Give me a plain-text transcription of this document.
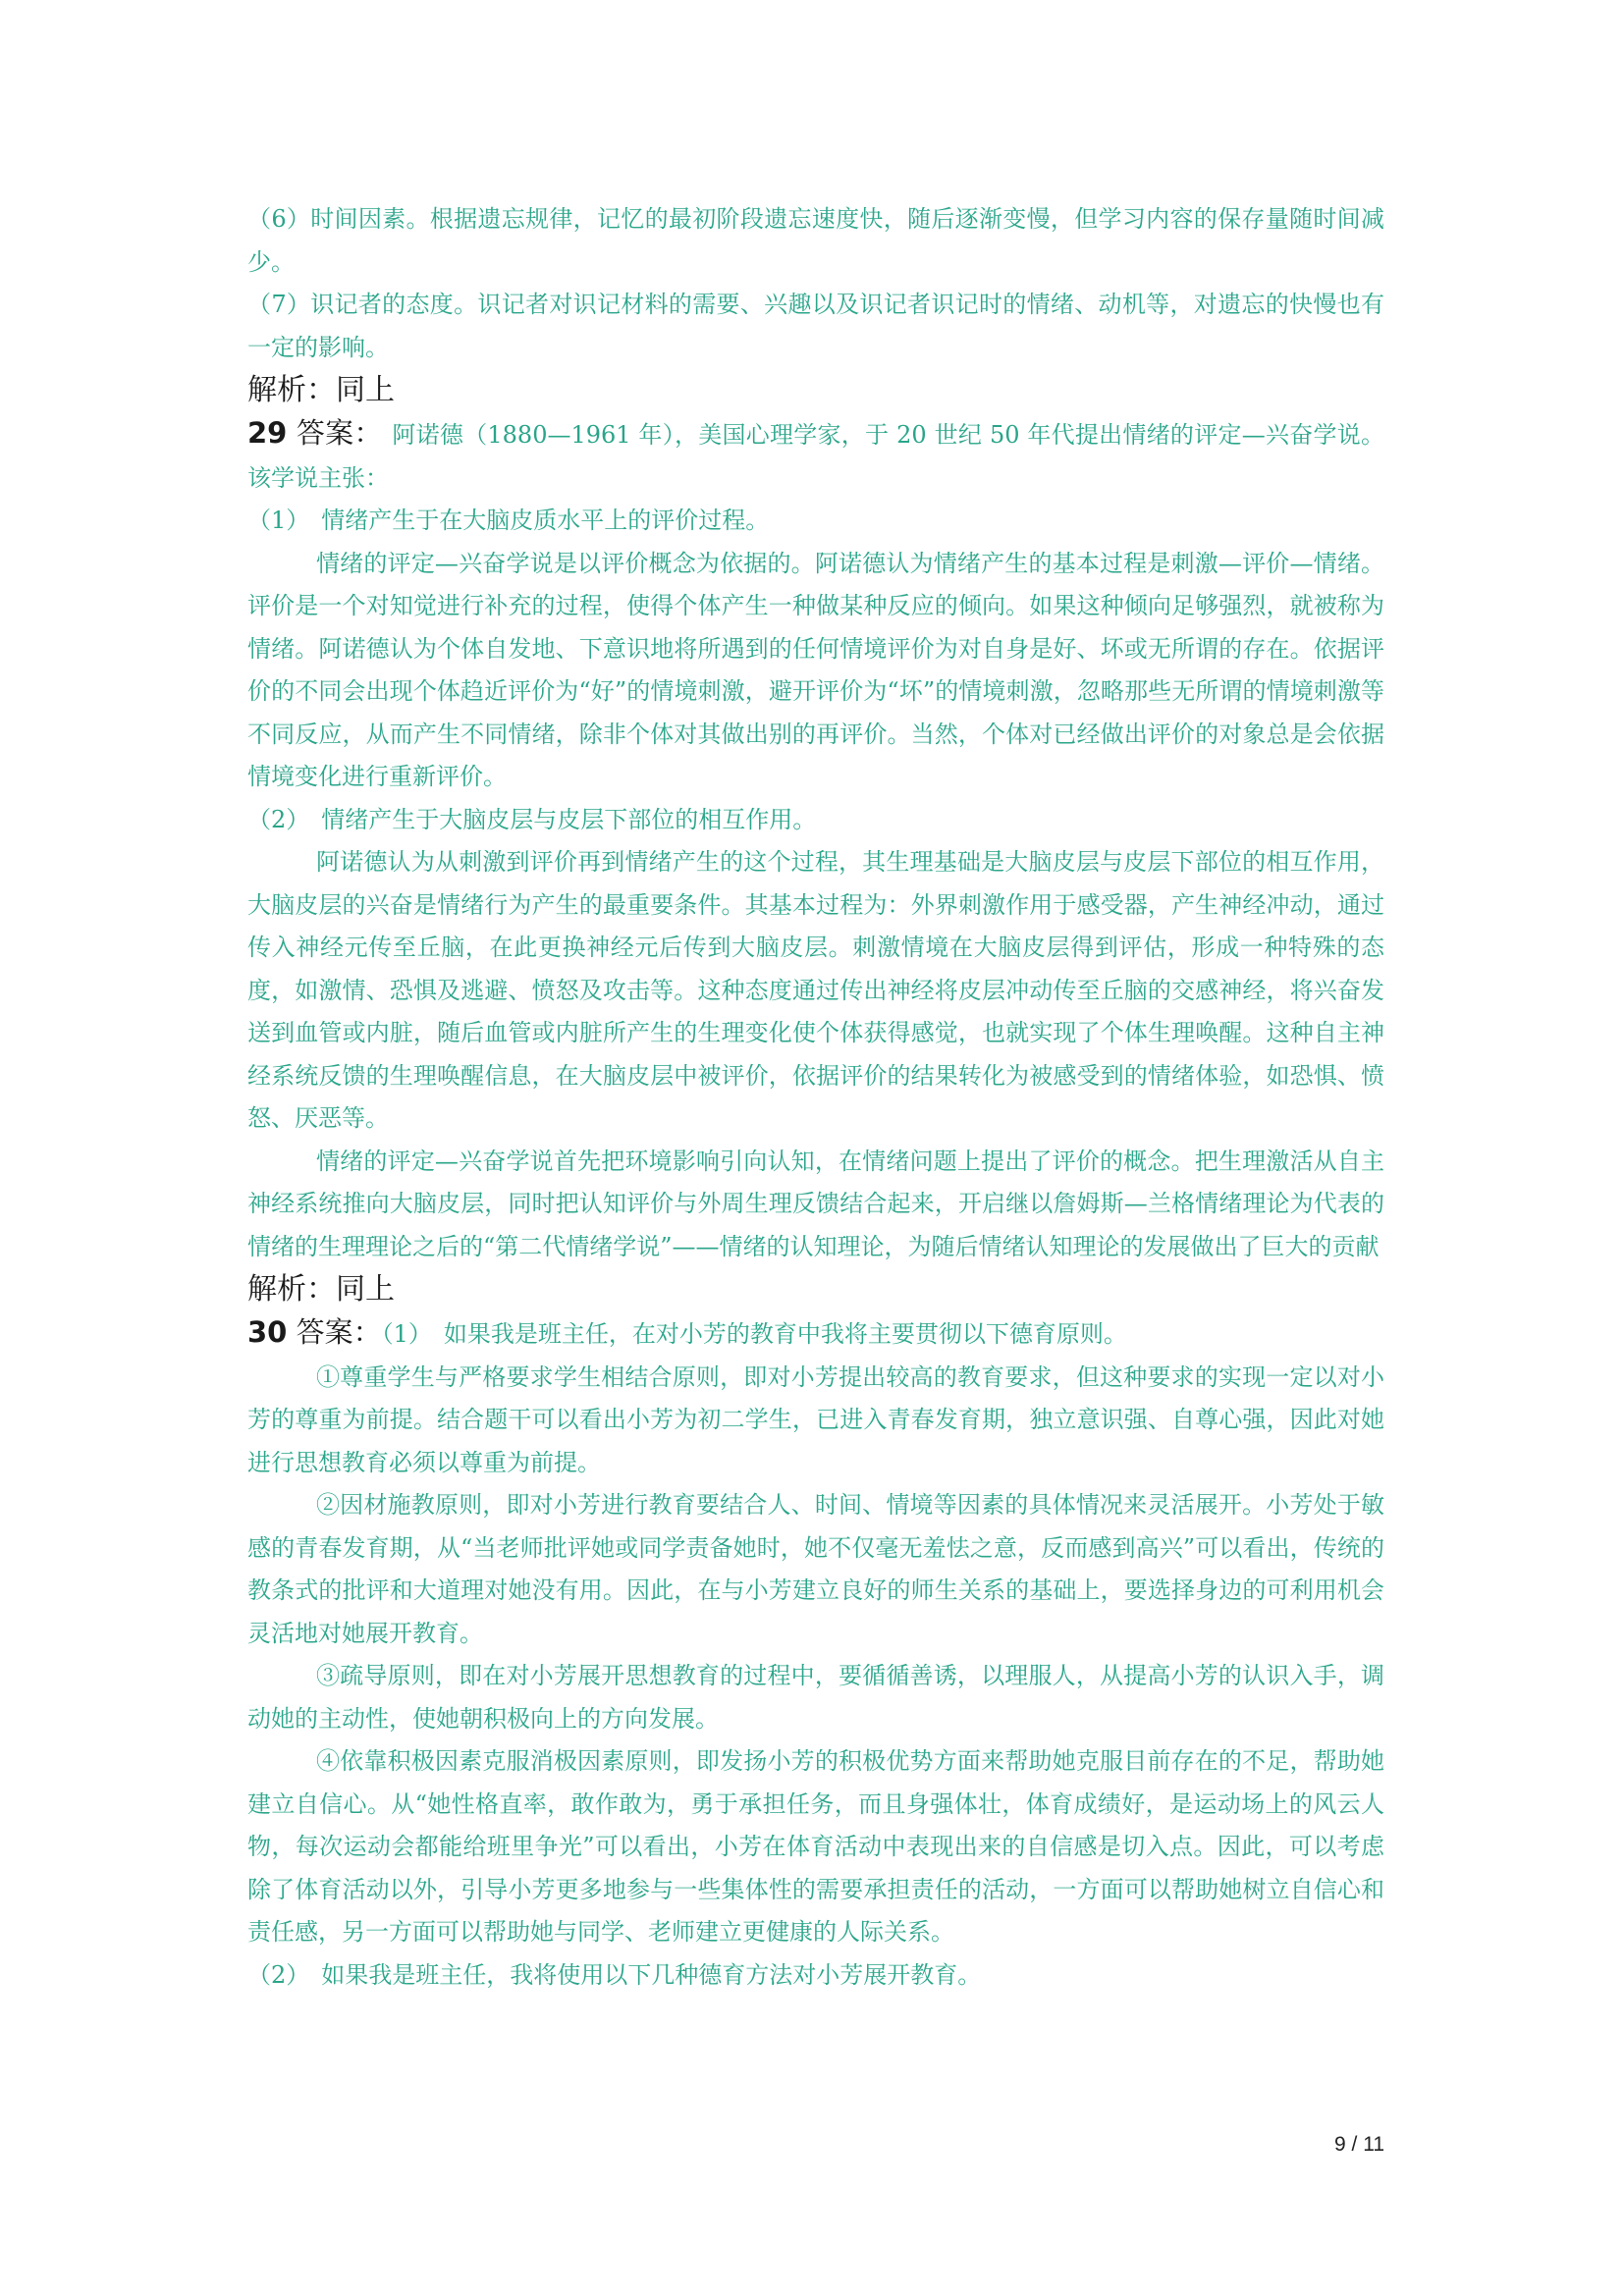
（6）时间因素。根据遗忘规律，记忆的最初阶段遗忘速度快，随后逐渐变慢，但学习内容的保存量随时间减少。

（7）识记者的态度。识记者对识记材料的需要、兴趣以及识记者识记时的情绪、动机等，对遗忘的快慢也有一定的影响。

解析：同上

29 答案：　阿诺德（1880—1961 年），美国心理学家，于 20 世纪 50 年代提出情绪的评定—兴奋学说。该学说主张：

（1）　情绪产生于在大脑皮质水平上的评价过程。

情绪的评定—兴奋学说是以评价概念为依据的。阿诺德认为情绪产生的基本过程是刺激—评价—情绪。评价是一个对知觉进行补充的过程，使得个体产生一种做某种反应的倾向。如果这种倾向足够强烈，就被称为情绪。阿诺德认为个体自发地、下意识地将所遇到的任何情境评价为对自身是好、坏或无所谓的存在。依据评价的不同会出现个体趋近评价为“好”的情境刺激，避开评价为“坏”的情境刺激，忽略那些无所谓的情境刺激等不同反应，从而产生不同情绪，除非个体对其做出别的再评价。当然，个体对已经做出评价的对象总是会依据情境变化进行重新评价。

（2）　情绪产生于大脑皮层与皮层下部位的相互作用。

阿诺德认为从刺激到评价再到情绪产生的这个过程，其生理基础是大脑皮层与皮层下部位的相互作用，大脑皮层的兴奋是情绪行为产生的最重要条件。其基本过程为：外界刺激作用于感受器，产生神经冲动，通过传入神经元传至丘脑，在此更换神经元后传到大脑皮层。刺激情境在大脑皮层得到评估，形成一种特殊的态度，如激情、恐惧及逃避、愤怒及攻击等。这种态度通过传出神经将皮层冲动传至丘脑的交感神经，将兴奋发送到血管或内脏，随后血管或内脏所产生的生理变化使个体获得感觉，也就实现了个体生理唤醒。这种自主神经系统反馈的生理唤醒信息，在大脑皮层中被评价，依据评价的结果转化为被感受到的情绪体验，如恐惧、愤怒、厌恶等。

情绪的评定—兴奋学说首先把环境影响引向认知，在情绪问题上提出了评价的概念。把生理激活从自主神经系统推向大脑皮层，同时把认知评价与外周生理反馈结合起来，开启继以詹姆斯—兰格情绪理论为代表的情绪的生理理论之后的“第二代情绪学说”——情绪的认知理论，为随后情绪认知理论的发展做出了巨大的贡献

解析：同上

30 答案：（1）　如果我是班主任，在对小芳的教育中我将主要贯彻以下德育原则。

①尊重学生与严格要求学生相结合原则，即对小芳提出较高的教育要求，但这种要求的实现一定以对小芳的尊重为前提。结合题干可以看出小芳为初二学生，已进入青春发育期，独立意识强、自尊心强，因此对她进行思想教育必须以尊重为前提。

②因材施教原则，即对小芳进行教育要结合人、时间、情境等因素的具体情况来灵活展开。小芳处于敏感的青春发育期，从“当老师批评她或同学责备她时，她不仅毫无羞怯之意，反而感到高兴”可以看出，传统的教条式的批评和大道理对她没有用。因此，在与小芳建立良好的师生关系的基础上，要选择身边的可利用机会灵活地对她展开教育。

③疏导原则，即在对小芳展开思想教育的过程中，要循循善诱，以理服人，从提高小芳的认识入手，调动她的主动性，使她朝积极向上的方向发展。

④依靠积极因素克服消极因素原则，即发扬小芳的积极优势方面来帮助她克服目前存在的不足，帮助她建立自信心。从“她性格直率，敢作敢为，勇于承担任务，而且身强体壮，体育成绩好，是运动场上的风云人物，每次运动会都能给班里争光”可以看出，小芳在体育活动中表现出来的自信感是切入点。因此，可以考虑除了体育活动以外，引导小芳更多地参与一些集体性的需要承担责任的活动，一方面可以帮助她树立自信心和责任感，另一方面可以帮助她与同学、老师建立更健康的人际关系。

（2）　如果我是班主任，我将使用以下几种德育方法对小芳展开教育。

9 / 11
